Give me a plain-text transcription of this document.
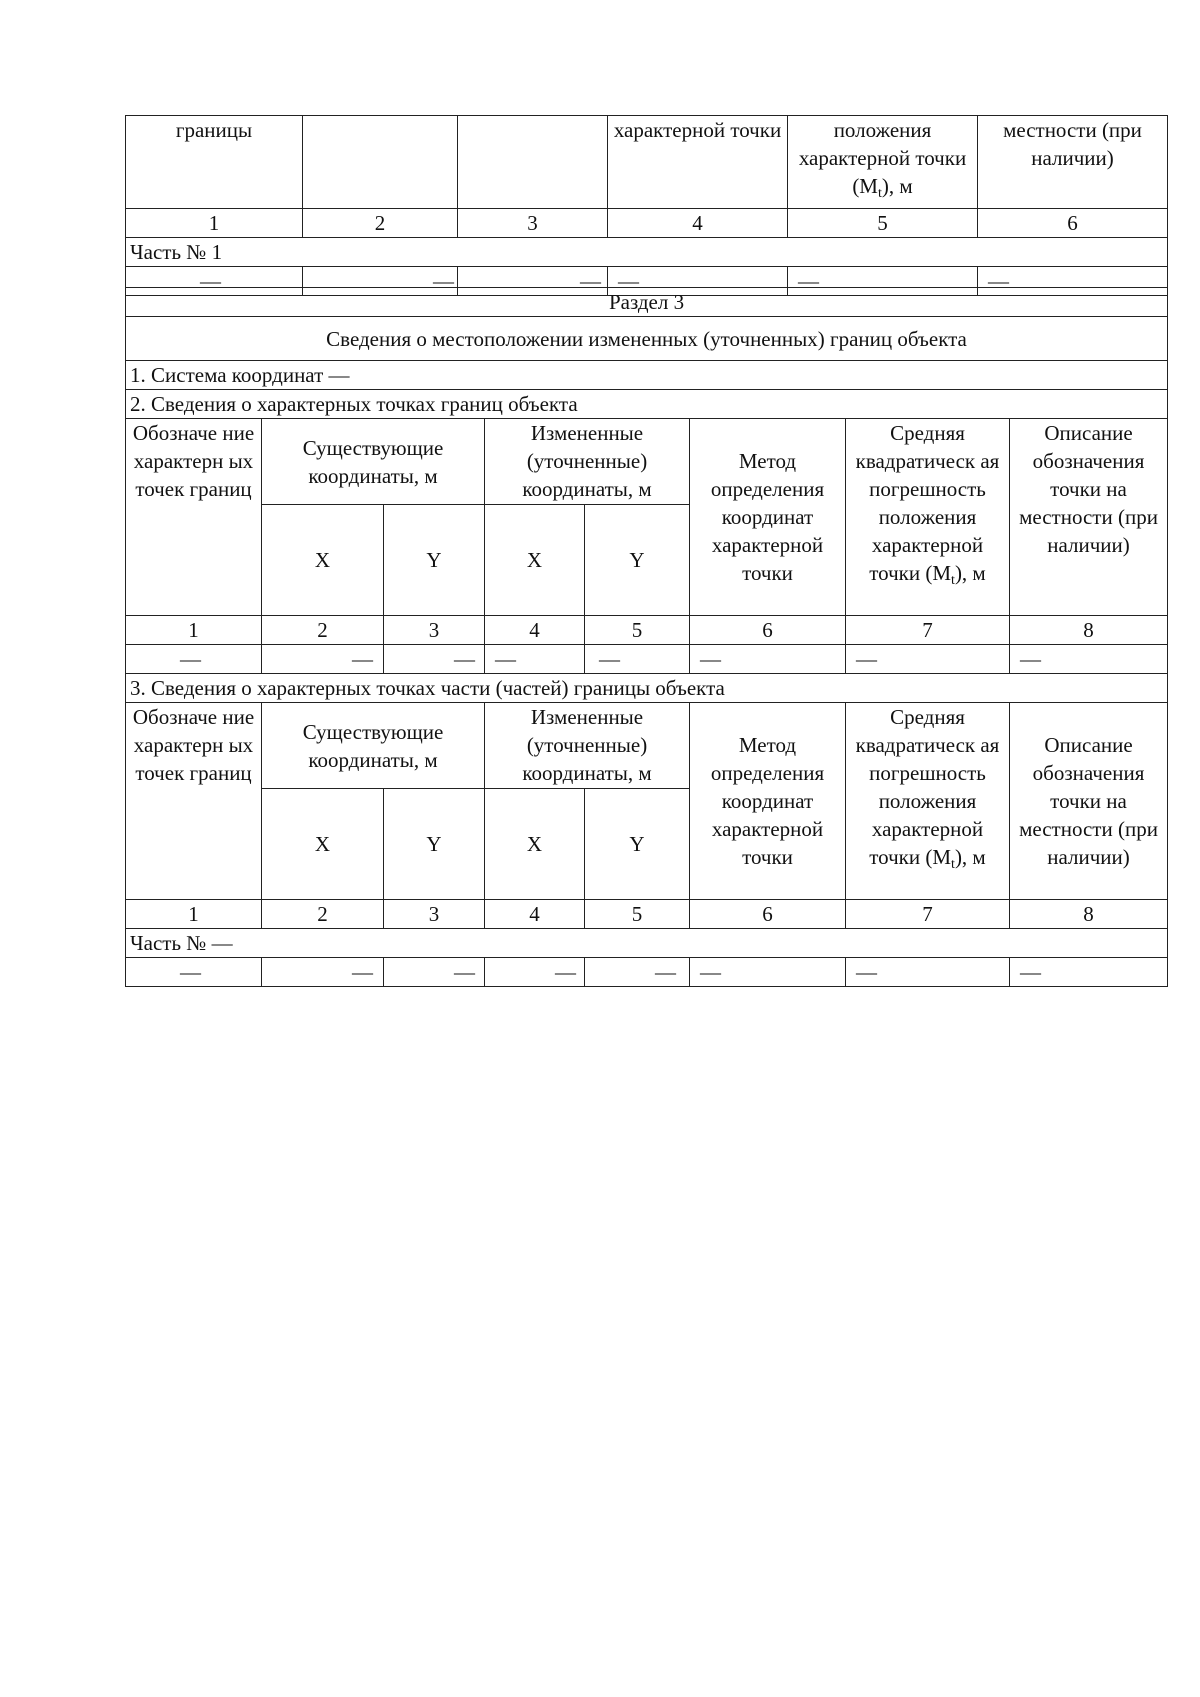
границы			характерной точки	положения характерной точки $(M_t)$, м	местности (при наличии)
1	2	3	4	5	6
Часть № 1					

—	—	—	—	—	—
Раздел 3							
Сведения о местоположении измененных (уточненных) границ объекта							
1. Система координат —							
2. Сведения о характерных точках границ объекта							
Обозначе ние характерн ых точек границ	Существующие координаты, м		Измененные (уточненные) координаты, м		Метод определения координат характерной точки	Средняя квадратическ ая погрешность положения характерной точки $(M_t)$, м	Описание обозначения точки на местности (при наличии)
	X	Y	X	Y			
1	2	3	4	5	6	7	8

—	—	—	—	—	—	—	—

3. Сведения о характерных точках части (частей) границы объекта							
Обозначе ние характерн ых точек границ	Существующие координаты, м		Измененные (уточненные) координаты, м		Метод определения координат характерной точки	Средняя квадратическ ая погрешность положения характерной точки $(M_t)$, м	Описание обозначения точки на местности (при наличии)
	X	Y	X	Y			
1	2	3	4	5	6	7	8
Часть № —							

—	—	—	—	—	—	—	—
